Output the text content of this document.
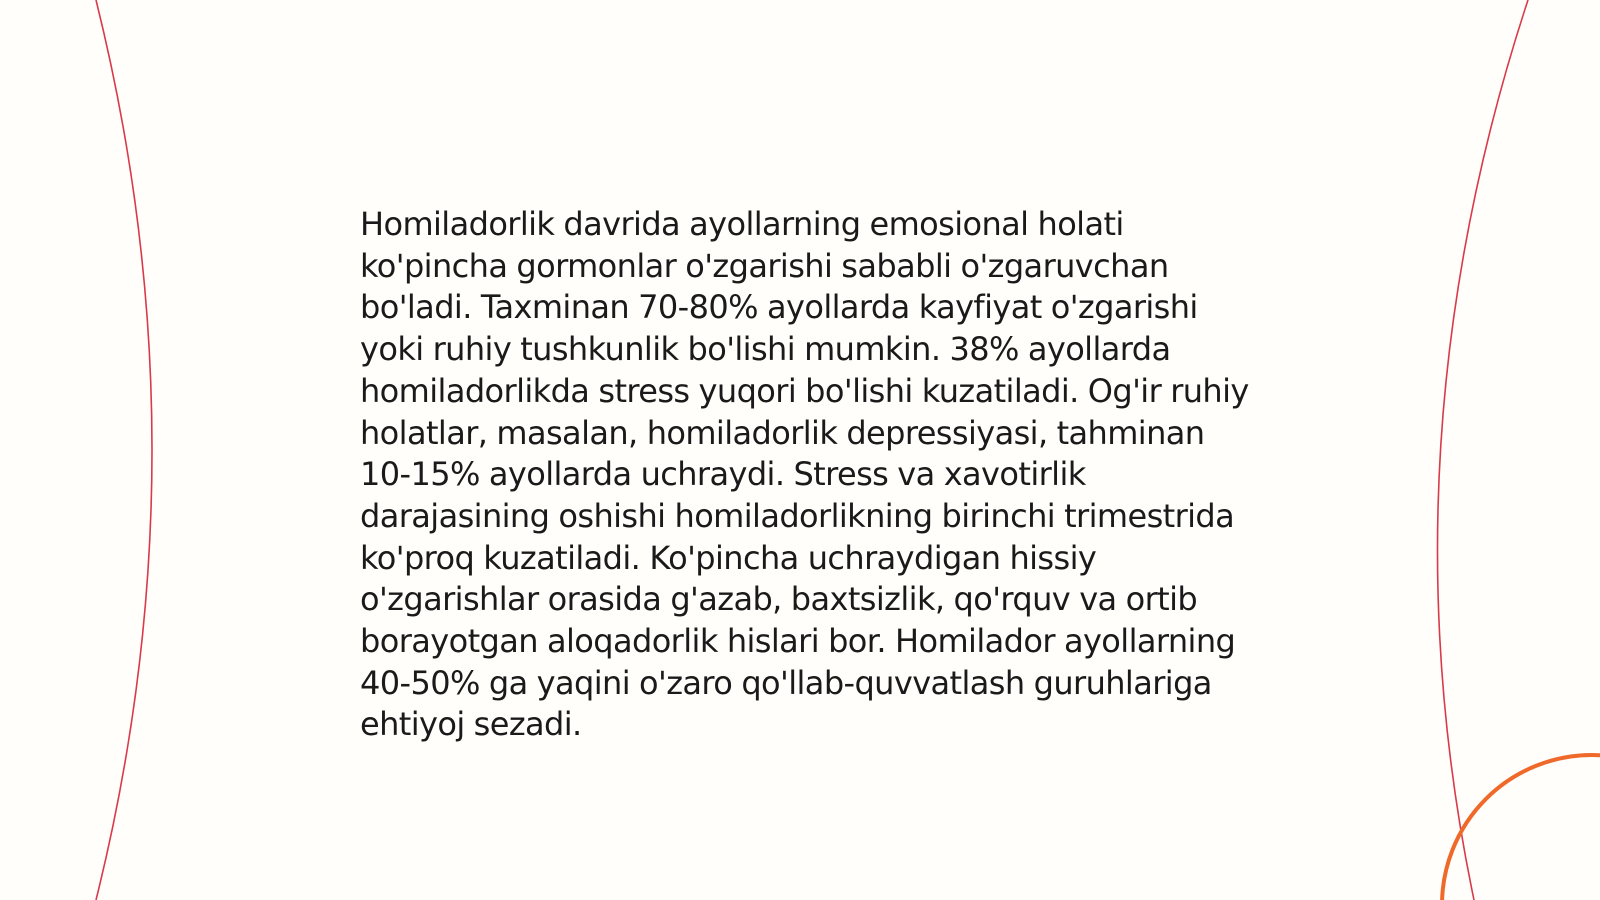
Homiladorlik davrida ayollarning emosional holati ko'pincha gormonlar o'zgarishi sababli o'zgaruvchan bo'ladi. Taxminan 70-80% ayollarda kayfiyat o'zgarishi yoki ruhiy tushkunlik bo'lishi mumkin. 38% ayollarda homiladorlikda stress yuqori bo'lishi kuzatiladi. Og'ir ruhiy holatlar, masalan, homiladorlik depressiyasi, tahminan 10-15% ayollarda uchraydi. Stress va xavotirlik darajasining oshishi homiladorlikning birinchi trimestrida ko'proq kuzatiladi. Ko'pincha uchraydigan hissiy o'zgarishlar orasida g'azab, baxtsizlik, qo'rquv va ortib borayotgan aloqadorlik hislari bor. Homilador ayollarning 40-50% ga yaqini o'zaro qo'llab-quvvatlash guruhlariga ehtiyoj sezadi.
